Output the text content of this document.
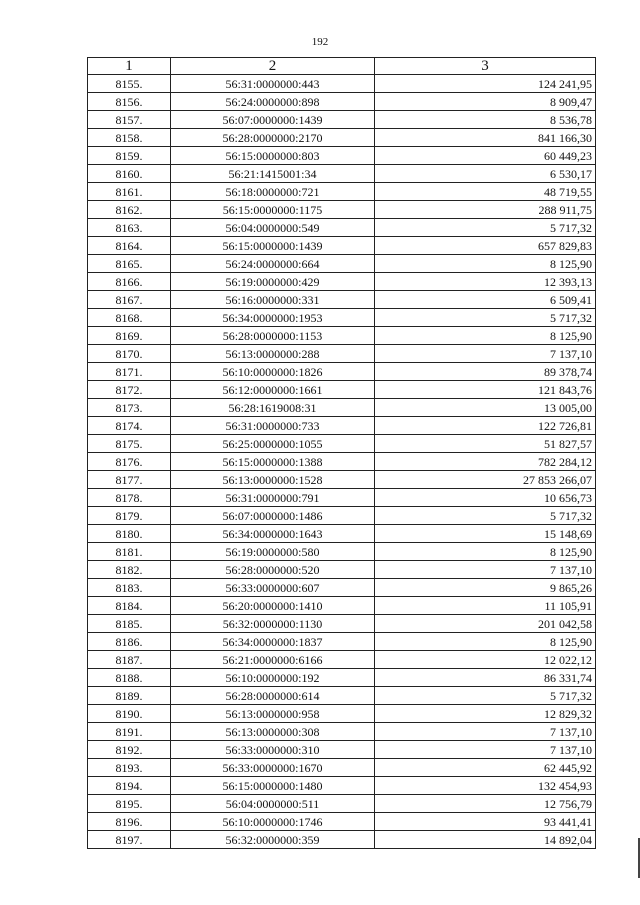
192
1	2	3
8155.	56:31:0000000:443	124 241,95
8156.	56:24:0000000:898	8 909,47
8157.	56:07:0000000:1439	8 536,78
8158.	56:28:0000000:2170	841 166,30
8159.	56:15:0000000:803	60 449,23
8160.	56:21:1415001:34	6 530,17
8161.	56:18:0000000:721	48 719,55
8162.	56:15:0000000:1175	288 911,75
8163.	56:04:0000000:549	5 717,32
8164.	56:15:0000000:1439	657 829,83
8165.	56:24:0000000:664	8 125,90
8166.	56:19:0000000:429	12 393,13
8167.	56:16:0000000:331	6 509,41
8168.	56:34:0000000:1953	5 717,32
8169.	56:28:0000000:1153	8 125,90
8170.	56:13:0000000:288	7 137,10
8171.	56:10:0000000:1826	89 378,74
8172.	56:12:0000000:1661	121 843,76
8173.	56:28:1619008:31	13 005,00
8174.	56:31:0000000:733	122 726,81
8175.	56:25:0000000:1055	51 827,57
8176.	56:15:0000000:1388	782 284,12
8177.	56:13:0000000:1528	27 853 266,07
8178.	56:31:0000000:791	10 656,73
8179.	56:07:0000000:1486	5 717,32
8180.	56:34:0000000:1643	15 148,69
8181.	56:19:0000000:580	8 125,90
8182.	56:28:0000000:520	7 137,10
8183.	56:33:0000000:607	9 865,26
8184.	56:20:0000000:1410	11 105,91
8185.	56:32:0000000:1130	201 042,58
8186.	56:34:0000000:1837	8 125,90
8187.	56:21:0000000:6166	12 022,12
8188.	56:10:0000000:192	86 331,74
8189.	56:28:0000000:614	5 717,32
8190.	56:13:0000000:958	12 829,32
8191.	56:13:0000000:308	7 137,10
8192.	56:33:0000000:310	7 137,10
8193.	56:33:0000000:1670	62 445,92
8194.	56:15:0000000:1480	132 454,93
8195.	56:04:0000000:511	12 756,79
8196.	56:10:0000000:1746	93 441,41
8197.	56:32:0000000:359	14 892,04
